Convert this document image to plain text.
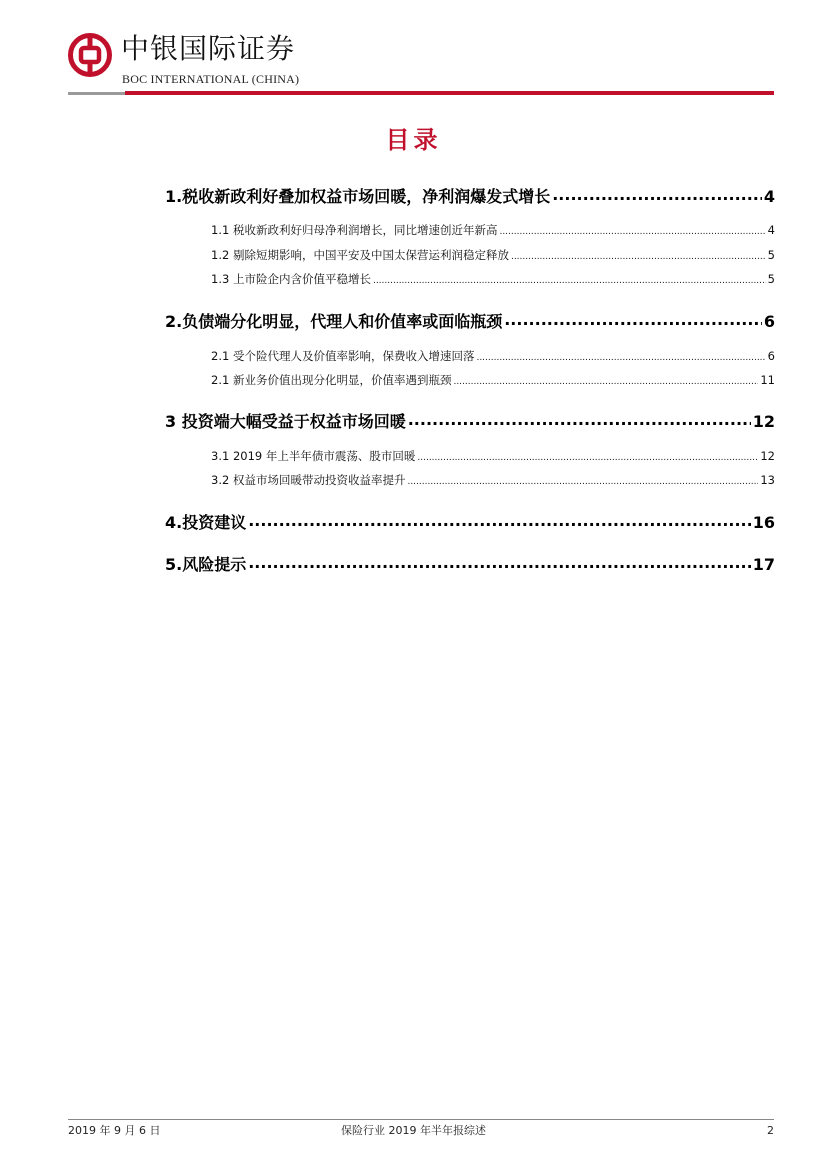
中银国际证券
BOC INTERNATIONAL (CHINA)
目录
1.税收新政利好叠加权益市场回暖，净利润爆发式增长 .....	4
1.1 税收新政利好归母净利润增长，同比增速创近年新高 .....	4
1.2 剔除短期影响，中国平安及中国太保营运利润稳定释放 .....	5
1.3 上市险企内含价值平稳增长 .....	5
2.负债端分化明显，代理人和价值率或面临瓶颈 .....	6
2.1 受个险代理人及价值率影响，保费收入增速回落 .....	6
2.1 新业务价值出现分化明显，价值率遇到瓶颈 .....	11
3 投资端大幅受益于权益市场回暖 .....	12
3.1 2019 年上半年债市震荡、股市回暖 .....	12
3.2 权益市场回暖带动投资收益率提升 .....	13
4.投资建议 .....	16
5.风险提示 .....	17
2019 年 9 月 6 日	保险行业 2019 年半年报综述	2
